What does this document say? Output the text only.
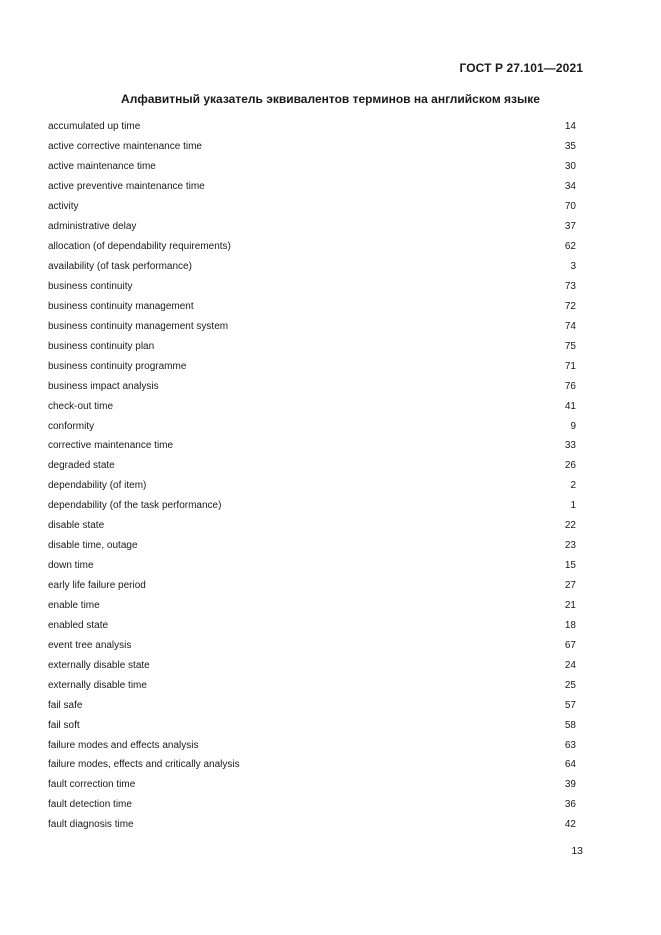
ГОСТ Р 27.101—2021
Алфавитный указатель эквивалентов терминов на английском языке
accumulated up time	14
active corrective maintenance time	35
active maintenance time	30
active preventive maintenance time	34
activity	70
administrative delay	37
allocation (of dependability requirements)	62
availability (of task performance)	3
business continuity	73
business continuity management	72
business continuity management system	74
business continuity plan	75
business continuity programme	71
business impact analysis	76
check-out time	41
conformity	9
corrective maintenance time	33
degraded state	26
dependability (of item)	2
dependability (of the task performance)	1
disable state	22
disable time, outage	23
down time	15
early life failure period	27
enable time	21
enabled state	18
event tree analysis	67
externally disable state	24
externally disable time	25
fail safe	57
fail soft	58
failure modes and effects analysis	63
failure modes, effects and critically analysis	64
fault correction time	39
fault detection time	36
fault diagnosis time	42
13
